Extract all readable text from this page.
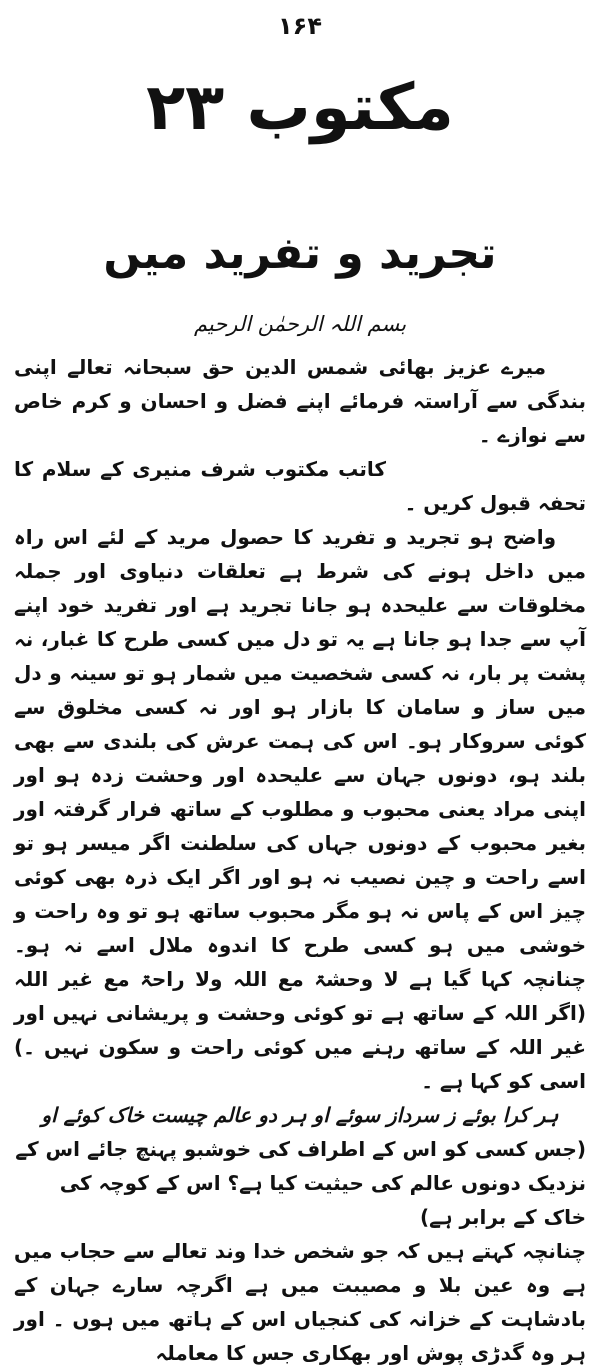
۱۶۴
مکتوب ۲۳
تجرید و تفرید میں
بسم اللہ الرحمٰن الرحیم

میرے عزیز بھائی شمس الدین حق سبحانہ تعالے اپنی بندگی سے آراستہ فرمائے اپنے فضل و احسان و کرم خاص سے نوازے ۔

کاتب مکتوب شرف منیری کے سلام کا تحفہ قبول کریں ۔

واضح ہو تجرید و تفرید کا حصول مرید کے لئے اس راہ میں داخل ہونے کی شرط ہے تعلقات دنیاوی اور جملہ مخلوقات سے علیحدہ ہو جانا تجرید ہے اور تفرید خود اپنے آپ سے جدا ہو جانا ہے یہ تو دل میں کسی طرح کا غبار، نہ پشت پر بار، نہ کسی شخصیت میں شمار ہو تو سینہ و دل میں ساز و سامان کا بازار ہو اور نہ کسی مخلوق سے کوئی سروکار ہو۔ اس کی ہمت عرش کی بلندی سے بھی بلند ہو، دونوں جہان سے علیحدہ اور وحشت زدہ ہو اور اپنی مراد یعنی محبوب و مطلوب کے ساتھ فرار گرفتہ اور بغیر محبوب کے دونوں جہاں کی سلطنت اگر میسر ہو تو اسے راحت و چین نصیب نہ ہو اور اگر ایک ذرہ بھی کوئی چیز اس کے پاس نہ ہو مگر محبوب ساتھ ہو تو وہ راحت و خوشی میں ہو کسی طرح کا اندوہ ملال اسے نہ ہو۔ چنانچہ کہا گیا ہے لا وحشۃ مع اللہ ولا راحۃ مع غیر اللہ (اگر اللہ کے ساتھ ہے تو کوئی وحشت و پریشانی نہیں اور غیر اللہ کے ساتھ رہنے میں کوئی راحت و سکون نہیں ۔) اسی کو کہا ہے ۔

ہر کرا بوئے ز سرداز سوئے او ہر دو عالم چیست خاک کوئے او

(جس کسی کو اس کے اطراف کی خوشبو پہنچ جائے اس کے نزدیک دونوں عالم کی حیثیت کیا ہے؟ اس کے کوچہ کی خاک کے برابر ہے)

چنانچہ کہتے ہیں کہ جو شخص خدا وند تعالے سے حجاب میں ہے وہ عین بلا و مصیبت میں ہے اگرچہ سارے جہان کے بادشاہت کے خزانہ کی کنجیاں اس کے ہاتھ میں ہوں ۔ اور ہر وہ گدڑی پوش اور بھکاری جس کا معاملہ
